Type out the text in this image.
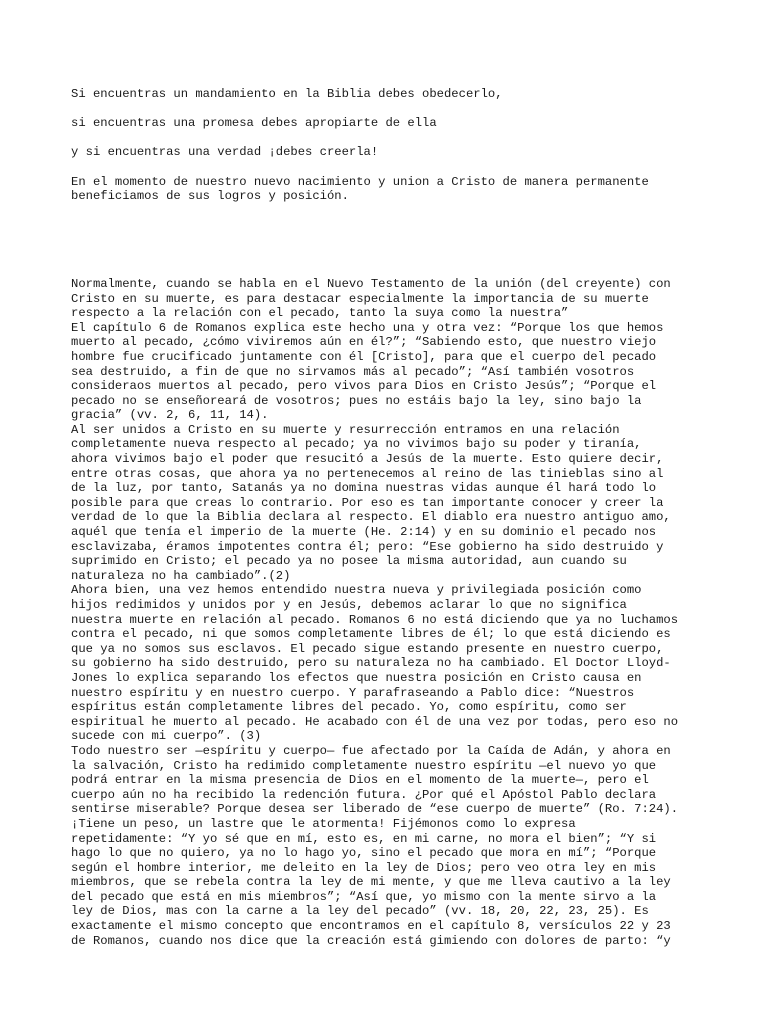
Si encuentras un mandamiento en la Biblia debes obedecerlo,

si encuentras una promesa debes apropiarte de ella

y si encuentras una verdad ¡debes creerla!

En el momento de nuestro nuevo nacimiento y union a Cristo de manera permanente
beneficiamos de sus logros y posición.

Normalmente, cuando se habla en el Nuevo Testamento de la unión (del creyente) con
Cristo en su muerte, es para destacar especialmente la importancia de su muerte
respecto a la relación con el pecado, tanto la suya como la nuestra”

El capítulo 6 de Romanos explica este hecho una y otra vez: “Porque los que hemos
muerto al pecado, ¿cómo viviremos aún en él?”; “Sabiendo esto, que nuestro viejo
hombre fue crucificado juntamente con él [Cristo], para que el cuerpo del pecado
sea destruido, a fin de que no sirvamos más al pecado”; “Así también vosotros
consideraos muertos al pecado, pero vivos para Dios en Cristo Jesús”; “Porque el
pecado no se enseñoreará de vosotros; pues no estáis bajo la ley, sino bajo la
gracia” (vv. 2, 6, 11, 14).

Al ser unidos a Cristo en su muerte y resurrección entramos en una relación
completamente nueva respecto al pecado; ya no vivimos bajo su poder y tiranía,
ahora vivimos bajo el poder que resucitó a Jesús de la muerte. Esto quiere decir,
entre otras cosas, que ahora ya no pertenecemos al reino de las tinieblas sino al
de la luz, por tanto, Satanás ya no domina nuestras vidas aunque él hará todo lo
posible para que creas lo contrario. Por eso es tan importante conocer y creer la
verdad de lo que la Biblia declara al respecto. El diablo era nuestro antiguo amo,
aquél que tenía el imperio de la muerte (He. 2:14) y en su dominio el pecado nos
esclavizaba, éramos impotentes contra él; pero: “Ese gobierno ha sido destruido y
suprimido en Cristo; el pecado ya no posee la misma autoridad, aun cuando su
naturaleza no ha cambiado”.(2)

Ahora bien, una vez hemos entendido nuestra nueva y privilegiada posición como
hijos redimidos y unidos por y en Jesús, debemos aclarar lo que no significa
nuestra muerte en relación al pecado. Romanos 6 no está diciendo que ya no luchamos
contra el pecado, ni que somos completamente libres de él; lo que está diciendo es
que ya no somos sus esclavos. El pecado sigue estando presente en nuestro cuerpo,
su gobierno ha sido destruido, pero su naturaleza no ha cambiado. El Doctor Lloyd-
Jones lo explica separando los efectos que nuestra posición en Cristo causa en
nuestro espíritu y en nuestro cuerpo. Y parafraseando a Pablo dice: “Nuestros
espíritus están completamente libres del pecado. Yo, como espíritu, como ser
espiritual he muerto al pecado. He acabado con él de una vez por todas, pero eso no
sucede con mi cuerpo”. (3)

Todo nuestro ser —espíritu y cuerpo— fue afectado por la Caída de Adán, y ahora en
la salvación, Cristo ha redimido completamente nuestro espíritu —el nuevo yo que
podrá entrar en la misma presencia de Dios en el momento de la muerte—, pero el
cuerpo aún no ha recibido la redención futura. ¿Por qué el Apóstol Pablo declara
sentirse miserable? Porque desea ser liberado de “ese cuerpo de muerte” (Ro. 7:24).
¡Tiene un peso, un lastre que le atormenta! Fijémonos como lo expresa
repetidamente: “Y yo sé que en mí, esto es, en mi carne, no mora el bien”; “Y si
hago lo que no quiero, ya no lo hago yo, sino el pecado que mora en mí”; “Porque
según el hombre interior, me deleito en la ley de Dios; pero veo otra ley en mis
miembros, que se rebela contra la ley de mi mente, y que me lleva cautivo a la ley
del pecado que está en mis miembros”; “Así que, yo mismo con la mente sirvo a la
ley de Dios, mas con la carne a la ley del pecado” (vv. 18, 20, 22, 23, 25). Es
exactamente el mismo concepto que encontramos en el capítulo 8, versículos 22 y 23
de Romanos, cuando nos dice que la creación está gimiendo con dolores de parto: “y
